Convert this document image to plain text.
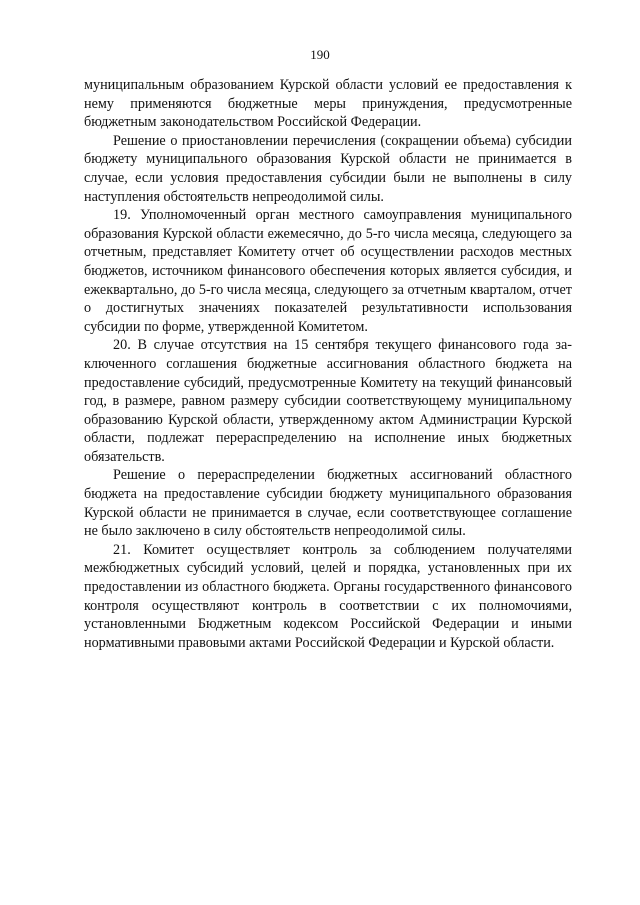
190

муниципальным образованием Курской области условий ее предоставления к нему применяются бюджетные меры принуждения, предусмотренные бюджетным законодательством Российской Федерации.

Решение о приостановлении перечисления (сокращении объема) субсидии бюджету муниципального образования Курской области не принимается в случае, если условия предоставления субсидии были не выполнены в силу наступления обстоятельств непреодолимой силы.

19. Уполномоченный орган местного самоуправления муниципального образования Курской области ежемесячно, до 5-го числа месяца, следующего за отчетным, представляет Комитету отчет об осуществлении расходов местных бюджетов, источником финансового обеспечения которых является субсидия, и ежеквартально, до 5-го числа месяца, следующего за отчетным кварталом, отчет о достигнутых значениях показателей результативности использования субсидии по форме, утвержденной Комитетом.

20. В случае отсутствия на 15 сентября текущего финансового года заключенного соглашения бюджетные ассигнования областного бюджета на предоставление субсидий, предусмотренные Комитету на текущий финансовый год, в размере, равном размеру субсидии соответствующему муниципальному образованию Курской области, утвержденному актом Администрации Курской области, подлежат перераспределению на исполнение иных бюджетных обязательств.

Решение о перераспределении бюджетных ассигнований областного бюджета на предоставление субсидии бюджету муниципального образования Курской области не принимается в случае, если соответствующее соглашение не было заключено в силу обстоятельств непреодолимой силы.

21. Комитет осуществляет контроль за соблюдением получателями межбюджетных субсидий условий, целей и порядка, установленных при их предоставлении из областного бюджета. Органы государственного финансового контроля осуществляют контроль в соответствии с их полномочиями, установленными Бюджетным кодексом Российской Федерации и иными нормативными правовыми актами Российской Федерации и Курской области.
